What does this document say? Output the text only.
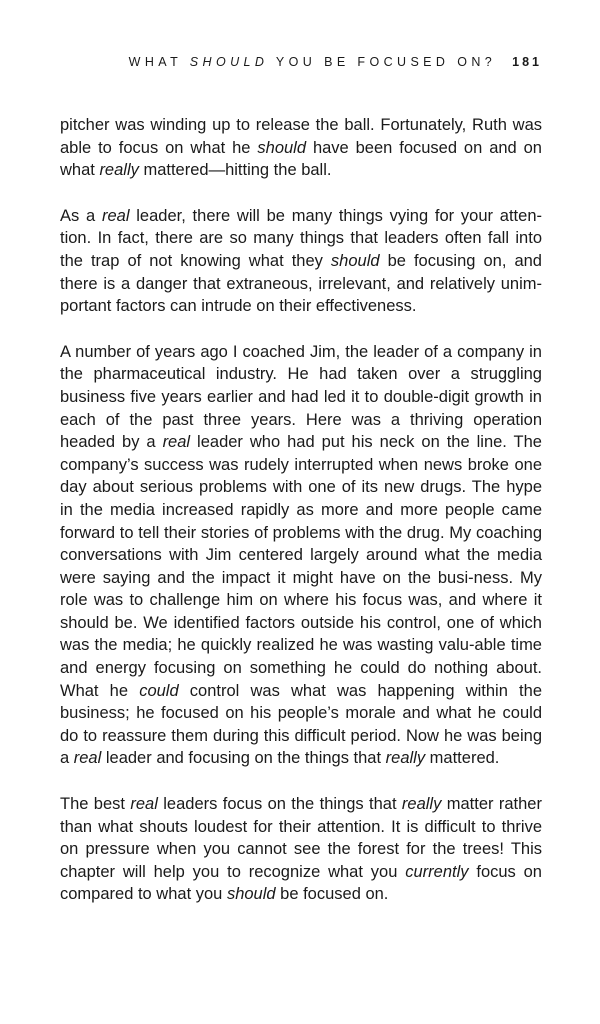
WHAT SHOULD YOU BE FOCUSED ON? 181

pitcher was winding up to release the ball. Fortunately, Ruth was able to focus on what he should have been focused on and on what really mattered—hitting the ball.

As a real leader, there will be many things vying for your atten-tion. In fact, there are so many things that leaders often fall into the trap of not knowing what they should be focusing on, and there is a danger that extraneous, irrelevant, and relatively unim-portant factors can intrude on their effectiveness.

A number of years ago I coached Jim, the leader of a company in the pharmaceutical industry. He had taken over a struggling business five years earlier and had led it to double-digit growth in each of the past three years. Here was a thriving operation headed by a real leader who had put his neck on the line. The company’s success was rudely interrupted when news broke one day about serious problems with one of its new drugs. The hype in the media increased rapidly as more and more people came forward to tell their stories of problems with the drug. My coaching conversations with Jim centered largely around what the media were saying and the impact it might have on the busi-ness. My role was to challenge him on where his focus was, and where it should be. We identified factors outside his control, one of which was the media; he quickly realized he was wasting valu-able time and energy focusing on something he could do nothing about. What he could control was what was happening within the business; he focused on his people’s morale and what he could do to reassure them during this difficult period. Now he was being a real leader and focusing on the things that really mattered.

The best real leaders focus on the things that really matter rather than what shouts loudest for their attention. It is difficult to thrive on pressure when you cannot see the forest for the trees! This chapter will help you to recognize what you currently focus on compared to what you should be focused on.
